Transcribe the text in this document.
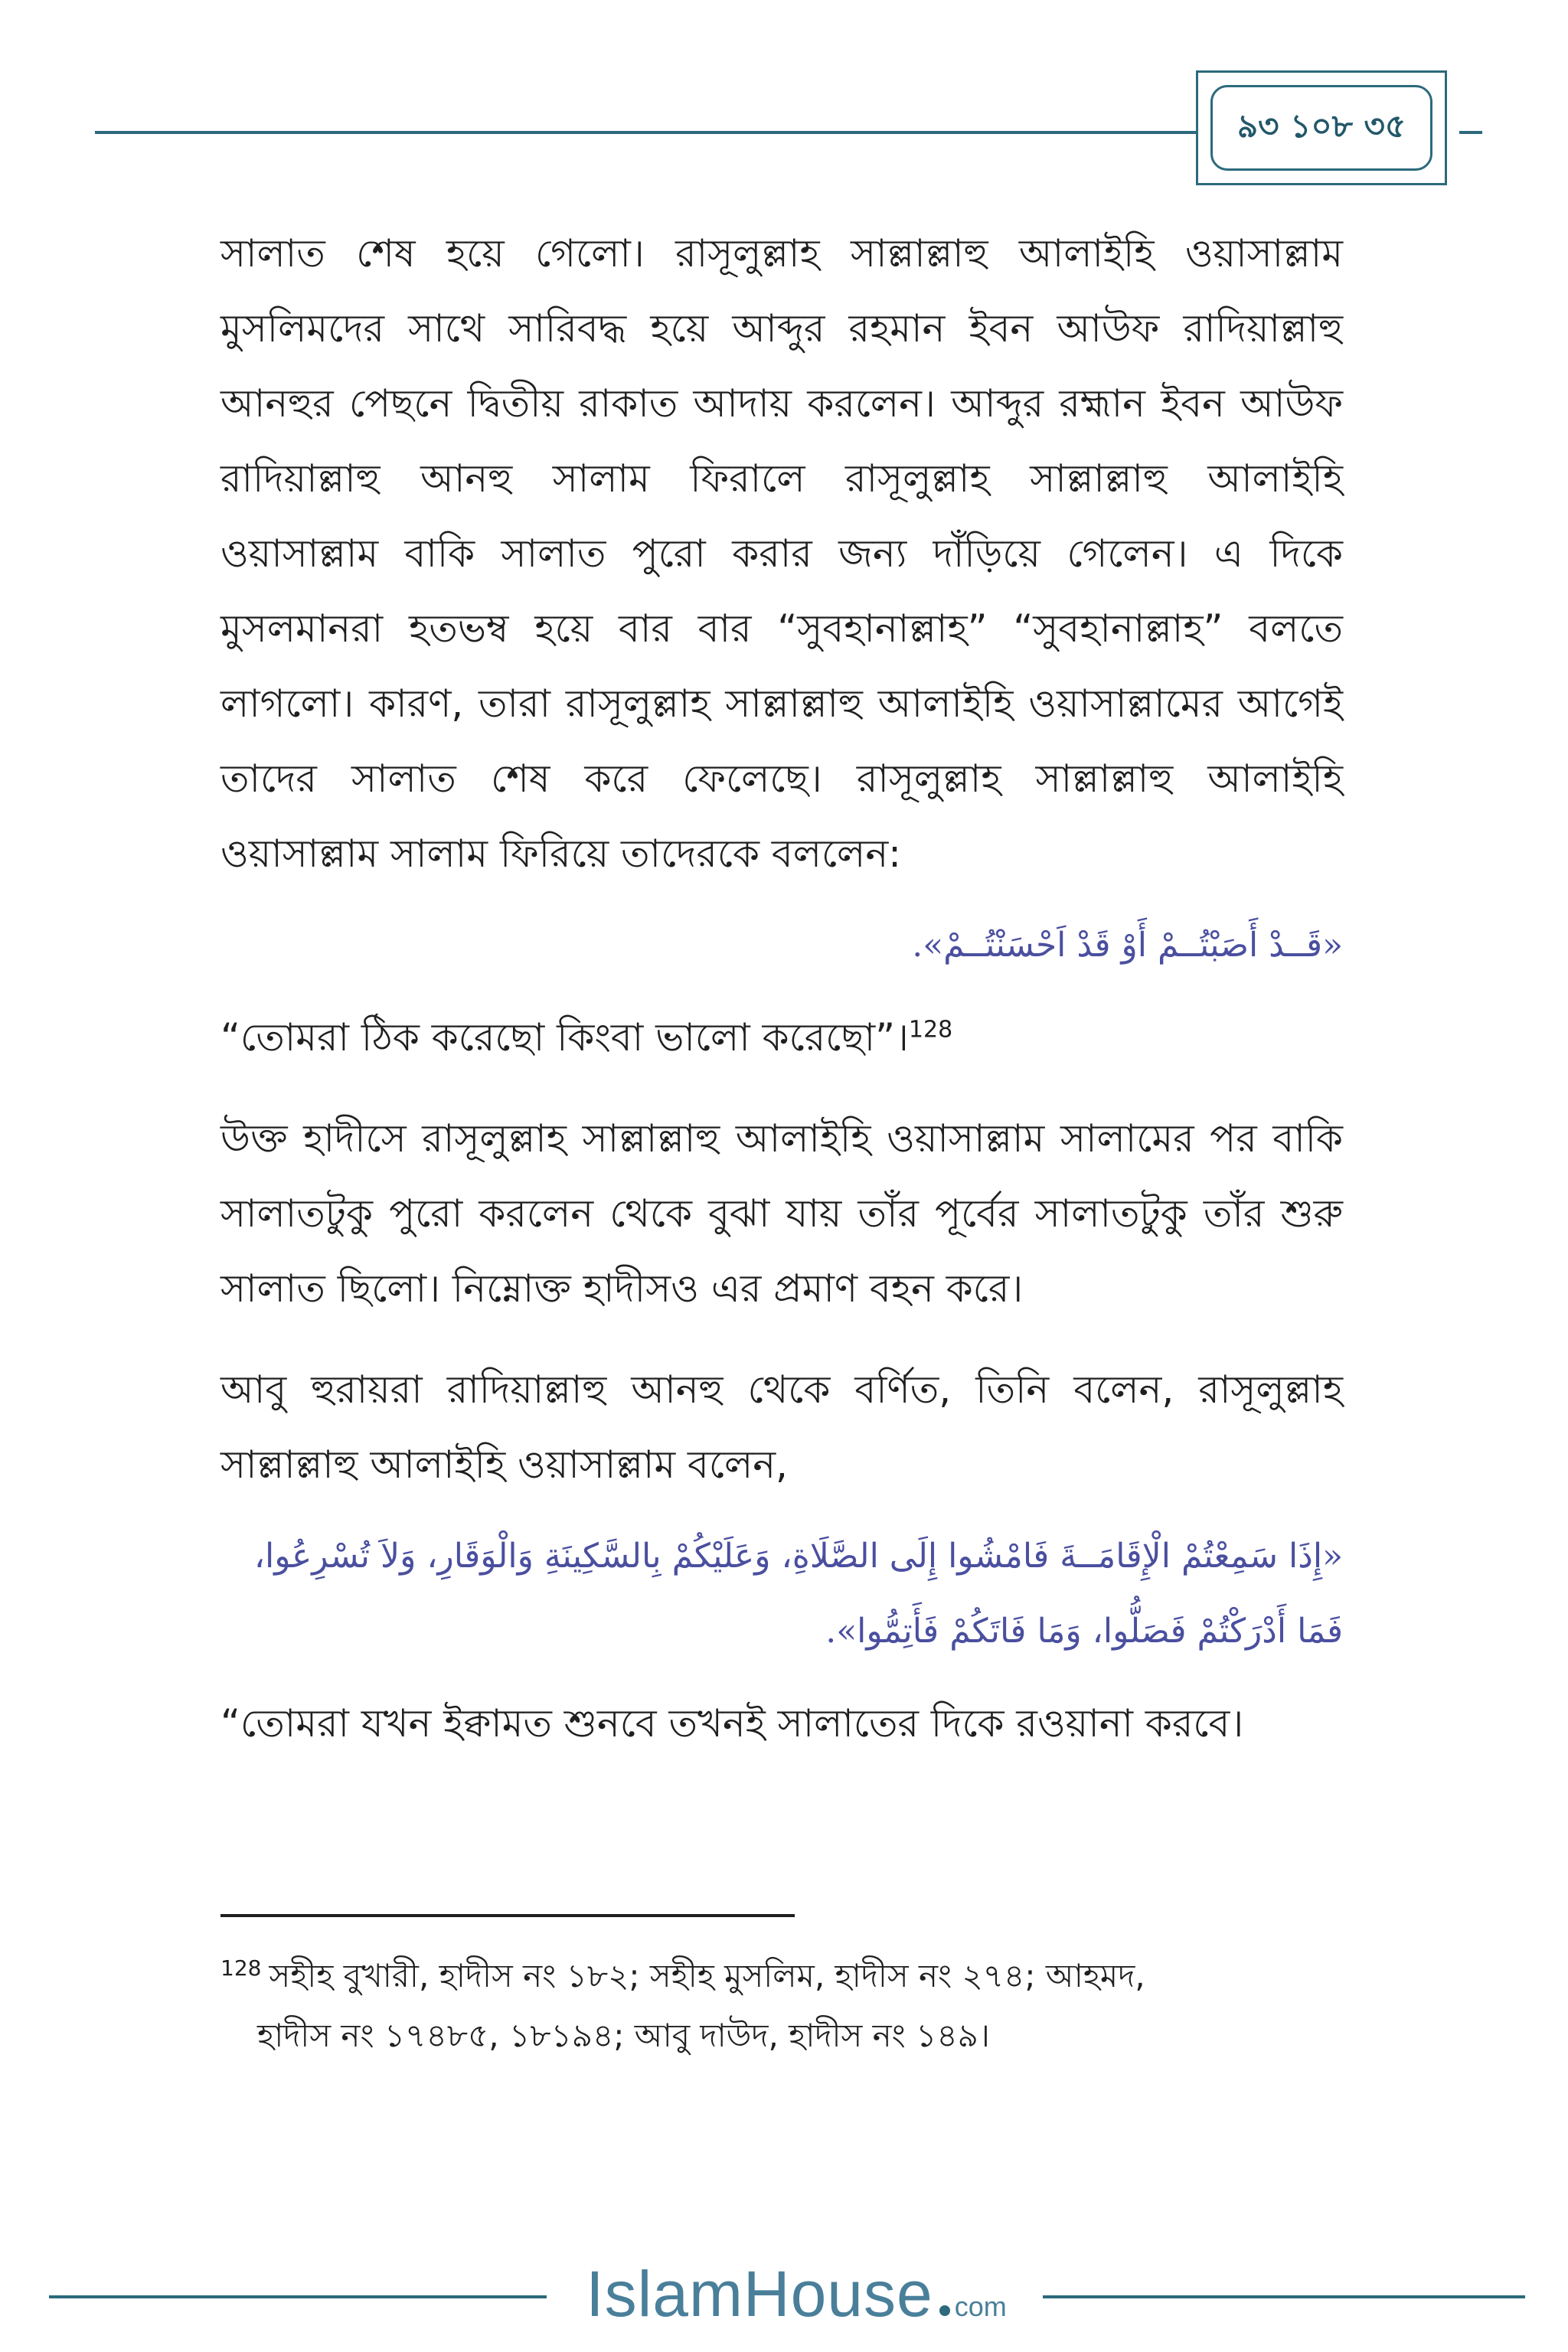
৯৩ ১০৮ ৩৫

সালাত শেষ হয়ে গেলো। রাসূলুল্লাহ সাল্লাল্লাহু আলাইহি ওয়াসাল্লাম মুসলিমদের সাথে সারিবদ্ধ হয়ে আব্দুর রহমান ইবন আউফ রাদিয়াল্লাহু আনহুর পেছনে দ্বিতীয় রাকাত আদায় করলেন। আব্দুর রহ্মান ইবন আউফ রাদিয়াল্লাহু আনহু সালাম ফিরালে রাসূলুল্লাহ সাল্লাল্লাহু আলাইহি ওয়াসাল্লাম বাকি সালাত পুরো করার জন্য দাঁড়িয়ে গেলেন। এ দিকে মুসলমানরা হতভম্ব হয়ে বার বার “সুবহানাল্লাহ” “সুবহানাল্লাহ” বলতে লাগলো। কারণ, তারা রাসূলুল্লাহ সাল্লাল্লাহু আলাইহি ওয়াসাল্লামের আগেই তাদের সালাত শেষ করে ফেলেছে। রাসূলুল্লাহ সাল্লাল্লাহু আলাইহি ওয়াসাল্লাম সালাম ফিরিয়ে তাদেরকে বললেন:

«قَــدْ أَصَبْتُــمْ أَوْ قَدْ اَحْسَنْتُــمْ».

“তোমরা ঠিক করেছো কিংবা ভালো করেছো”।$^{128}$

উক্ত হাদীসে রাসূলুল্লাহ সাল্লাল্লাহু আলাইহি ওয়াসাল্লাম সালামের পর বাকি সালাতটুকু পুরো করলেন থেকে বুঝা যায় তাঁর পূর্বের সালাতটুকু তাঁর শুরু সালাত ছিলো। নিম্নোক্ত হাদীসও এর প্রমাণ বহন করে।

আবু হুরায়রা রাদিয়াল্লাহু আনহু থেকে বর্ণিত, তিনি বলেন, রাসূলুল্লাহ সাল্লাল্লাহু আলাইহি ওয়াসাল্লাম বলেন,

«إِذَا سَمِعْتُمْ الْإِقَامَــةَ فَامْشُوا إِلَى الصَّلَاةِ، وَعَلَيْكُمْ بِالسَّكِينَةِ وَالْوَقَارِ، وَلاَ تُسْرِعُوا، فَمَا أَدْرَكْتُمْ فَصَلُّوا، وَمَا فَاتَكُمْ فَأَتِمُّوا».

“তোমরা যখন ইক্বামত শুনবে তখনই সালাতের দিকে রওয়ানা করবে।

$^{128}$ সহীহ বুখারী, হাদীস নং ১৮২; সহীহ মুসলিম, হাদীস নং ২৭৪; আহমদ,
হাদীস নং ১৭৪৮৫, ১৮১৯৪; আবু দাউদ, হাদীস নং ১৪৯।
IslamHouse com
